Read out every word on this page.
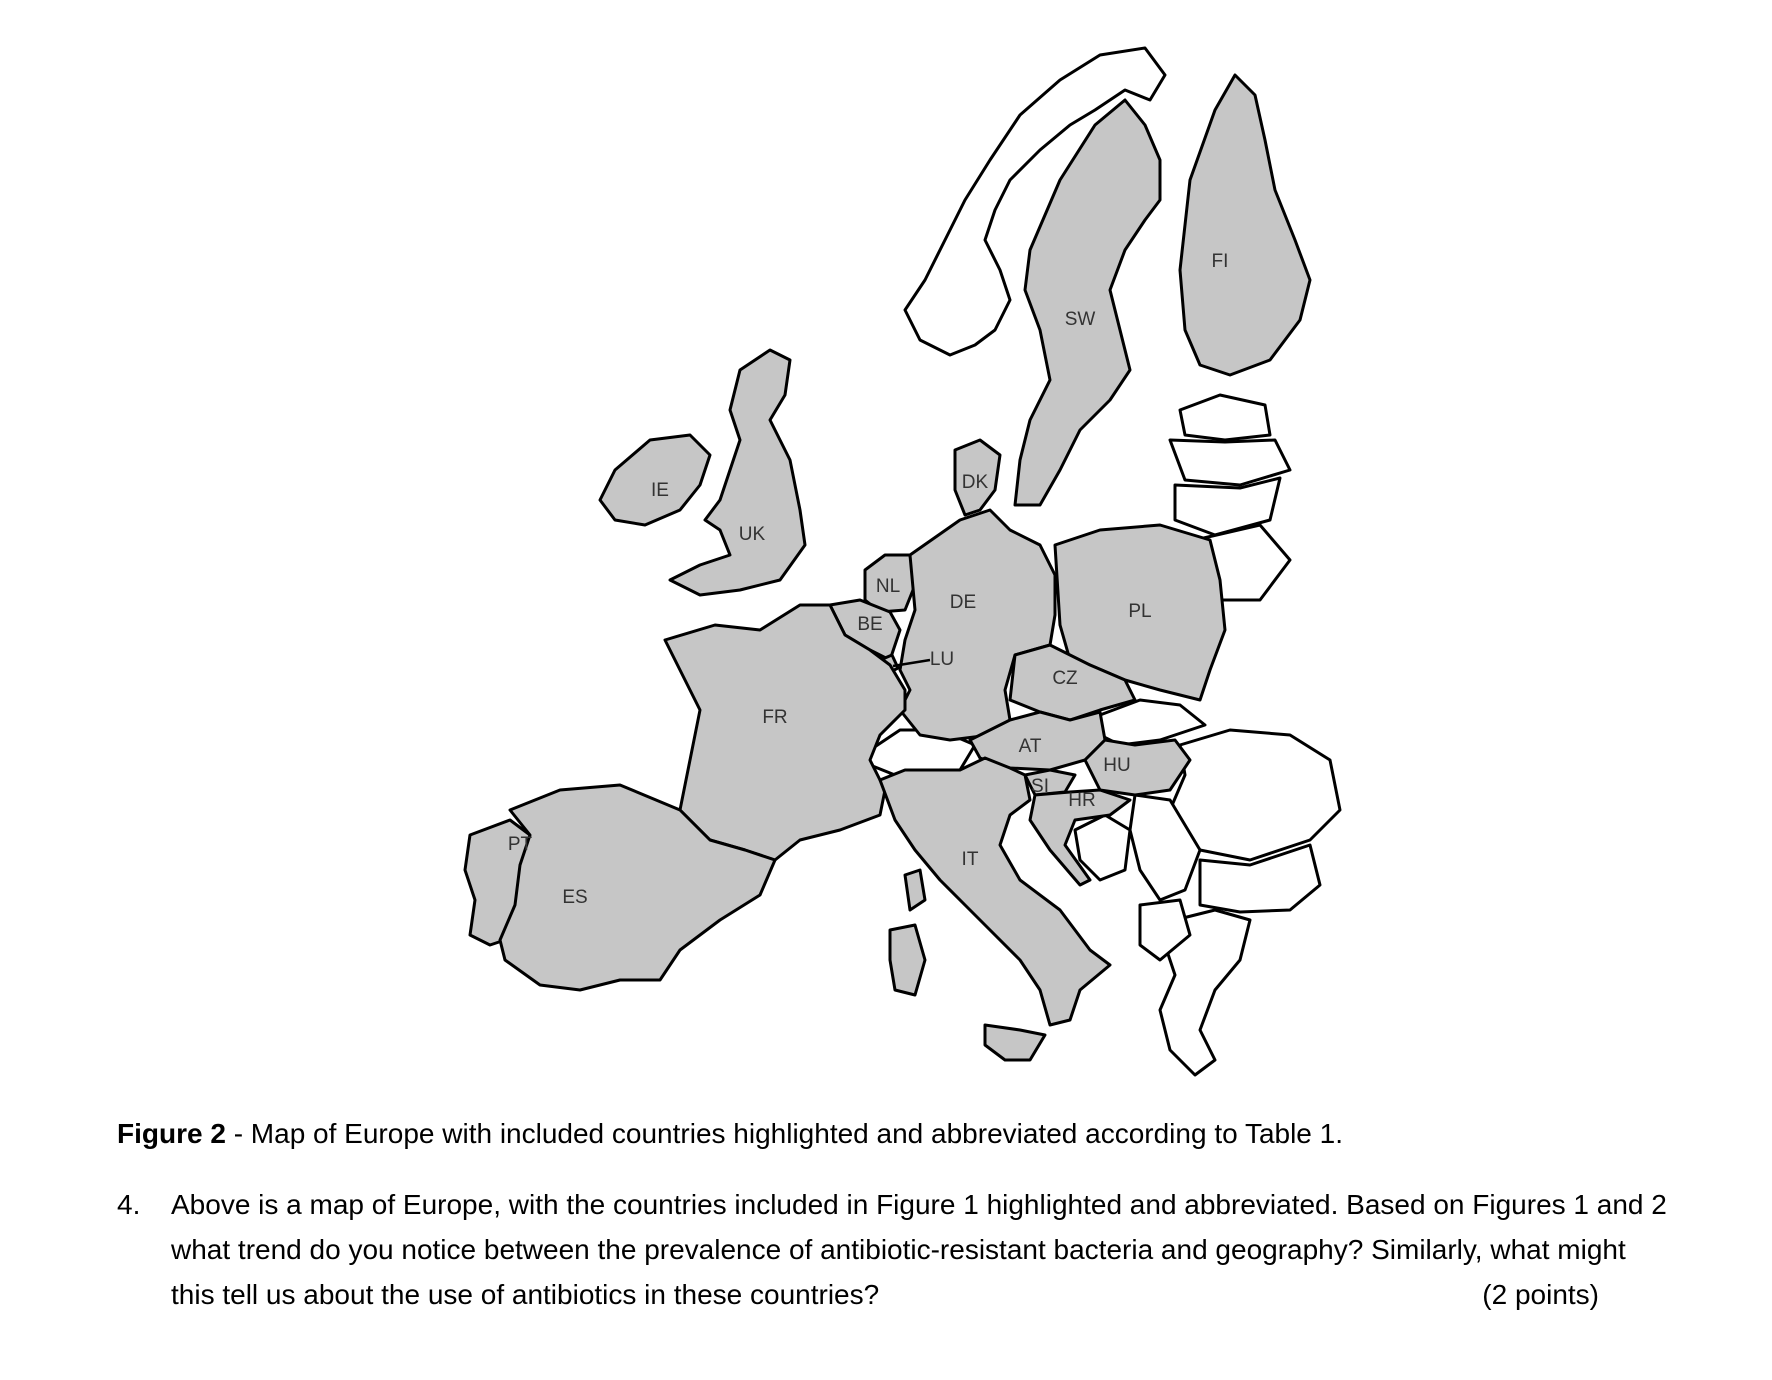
IE
UK
NL
BE
LU
DE
DK
SW
FI
PL
CZ
AT
HU
SI
HR
IT
FR
PT
ES
Figure 2 - Map of Europe with included countries highlighted and abbreviated according to Table 1.
4. Above is a map of Europe, with the countries included in Figure 1 highlighted and abbreviated. Based on Figures 1 and 2 what trend do you notice between the prevalence of antibiotic-resistant bacteria and geography? Similarly, what might this tell us about the use of antibiotics in these countries?	(2 points)
